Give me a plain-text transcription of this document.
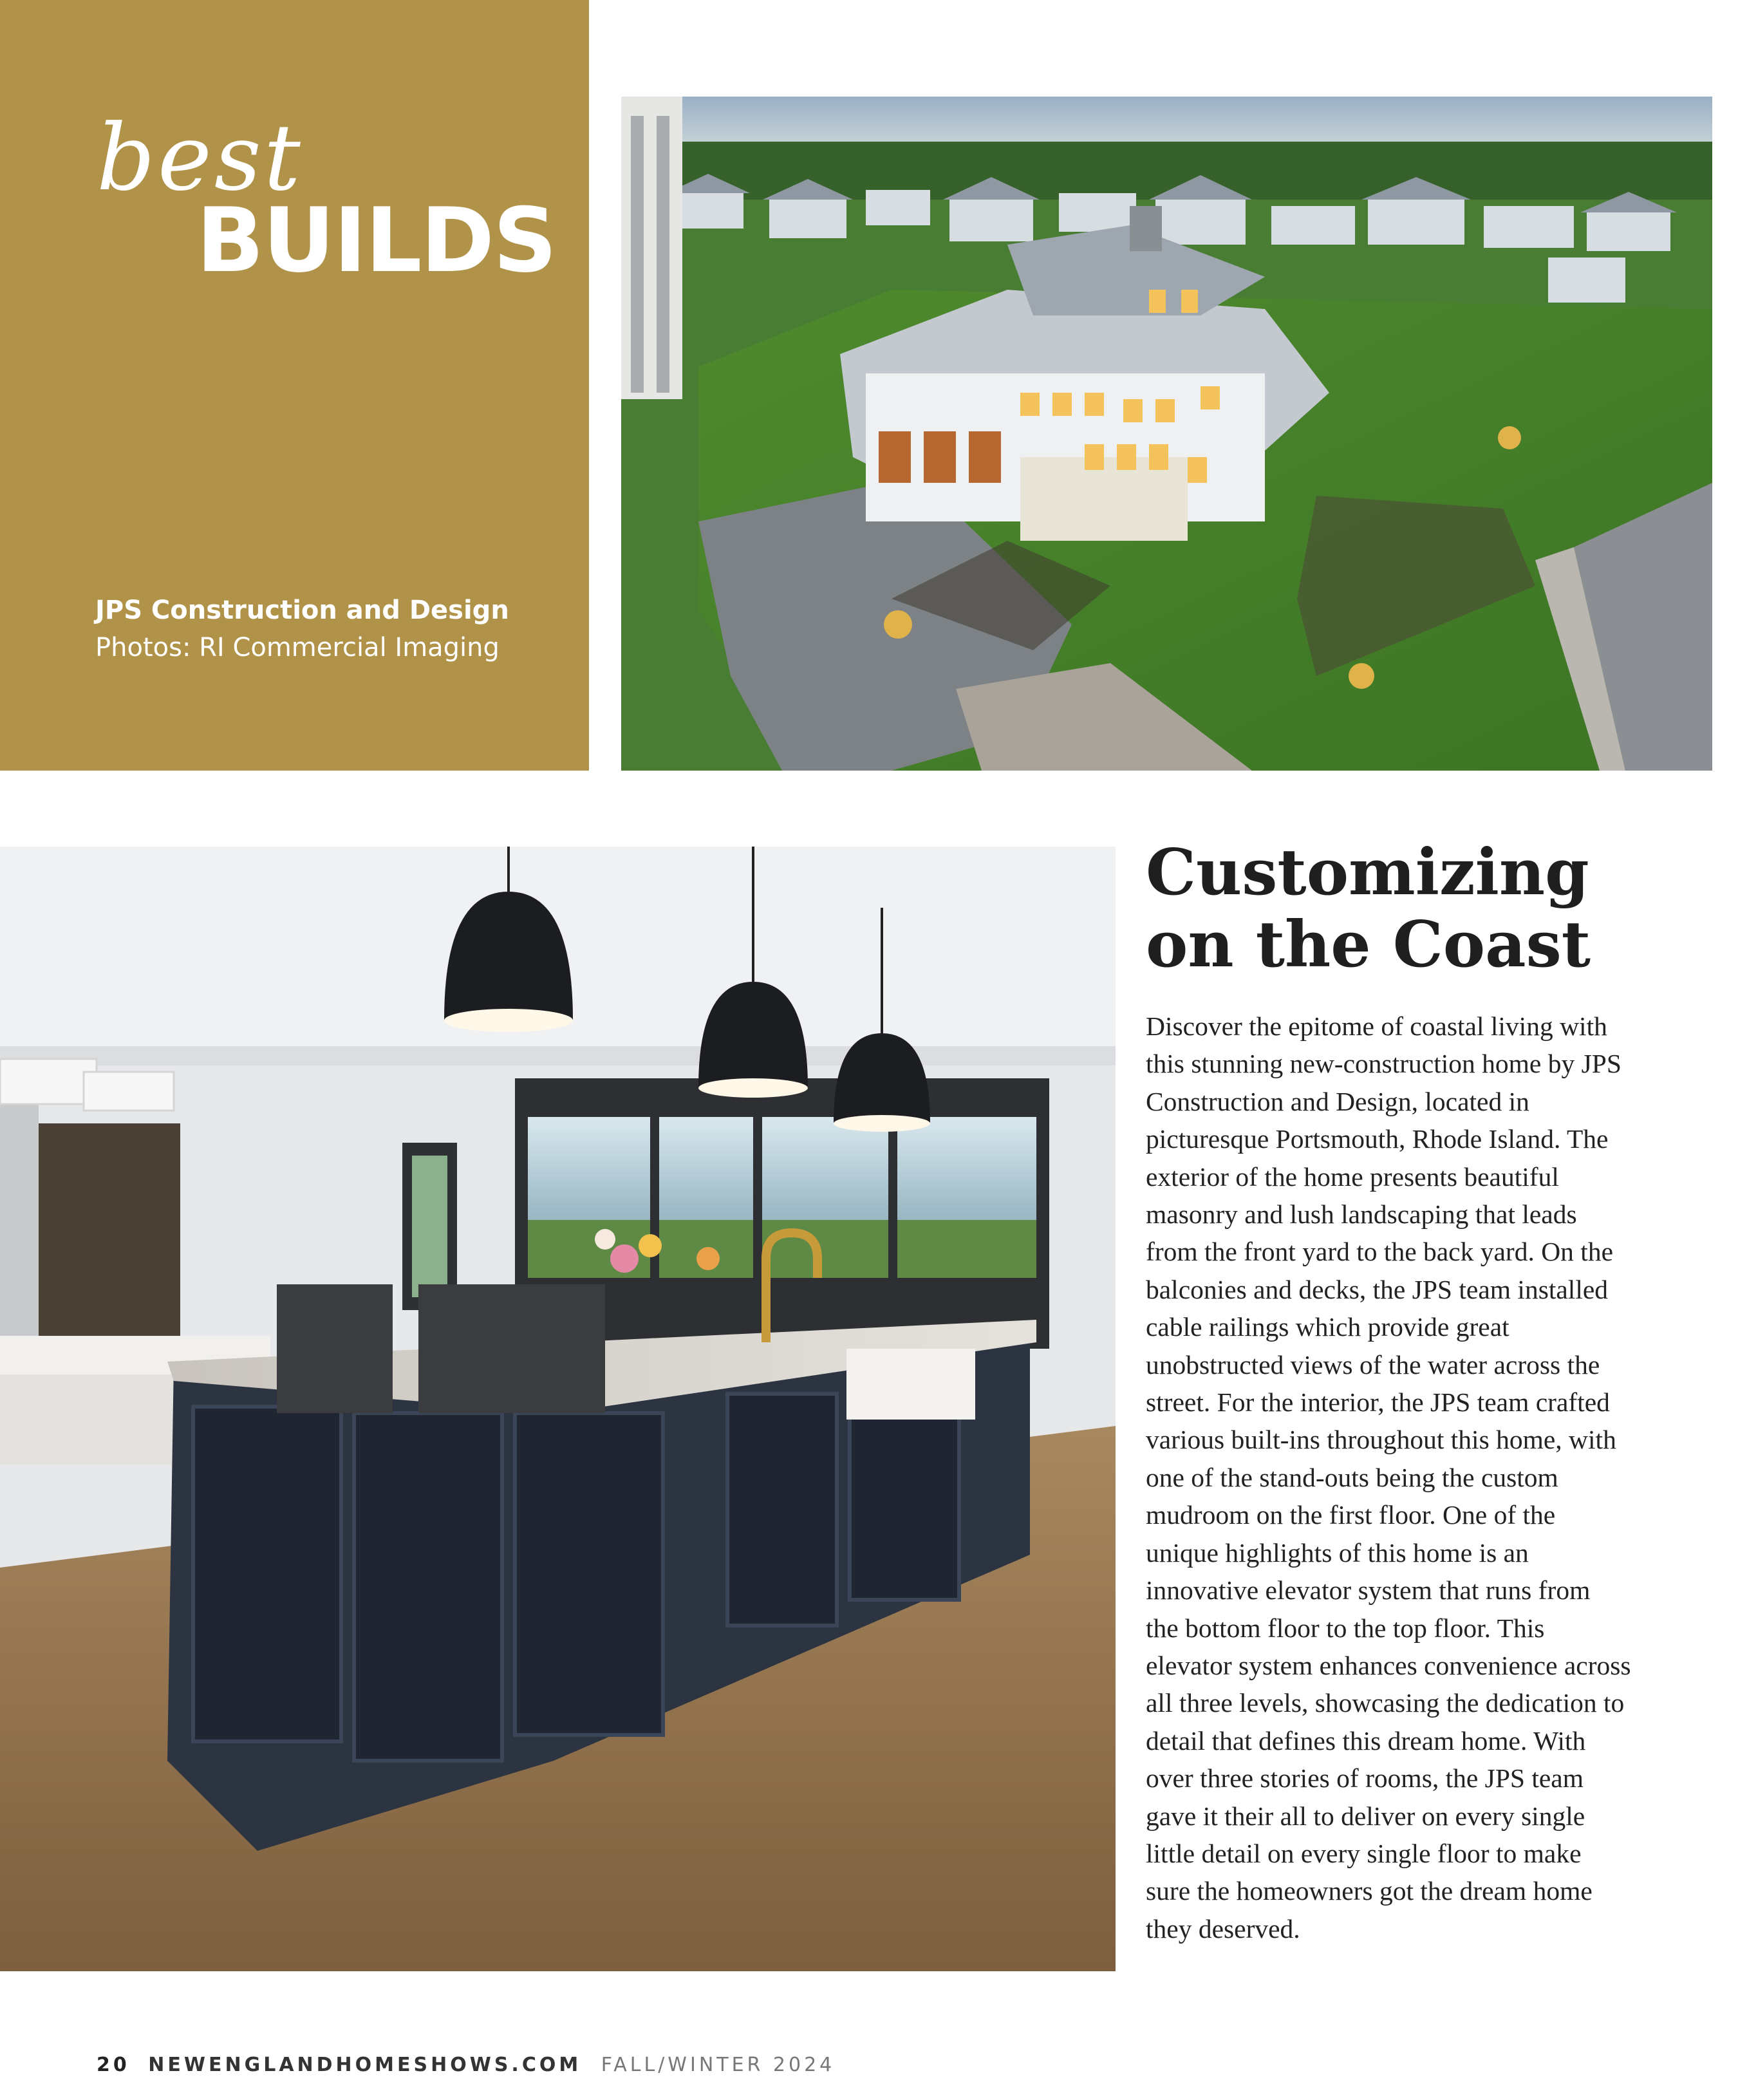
best
BUILDS
JPS Construction and Design
Photos: RI Commercial Imaging
Customizing
on the Coast
Discover the epitome of coastal living with
this stunning new-construction home by JPS
Construction and Design, located in
picturesque Portsmouth, Rhode Island. The
exterior of the home presents beautiful
masonry and lush landscaping that leads
from the front yard to the back yard. On the
balconies and decks, the JPS team installed
cable railings which provide great
unobstructed views of the water across the
street. For the interior, the JPS team crafted
various built-ins throughout this home, with
one of the stand-outs being the custom
mudroom on the first floor. One of the
unique highlights of this home is an
innovative elevator system that runs from
the bottom floor to the top floor. This
elevator system enhances convenience across
all three levels, showcasing the dedication to
detail that defines this dream home. With
over three stories of rooms, the JPS team
gave it their all to deliver on every single
little detail on every single floor to make
sure the homeowners got the dream home
they deserved.
20 NEWENGLANDHOMESHOWS.COM FALL/WINTER 2024
